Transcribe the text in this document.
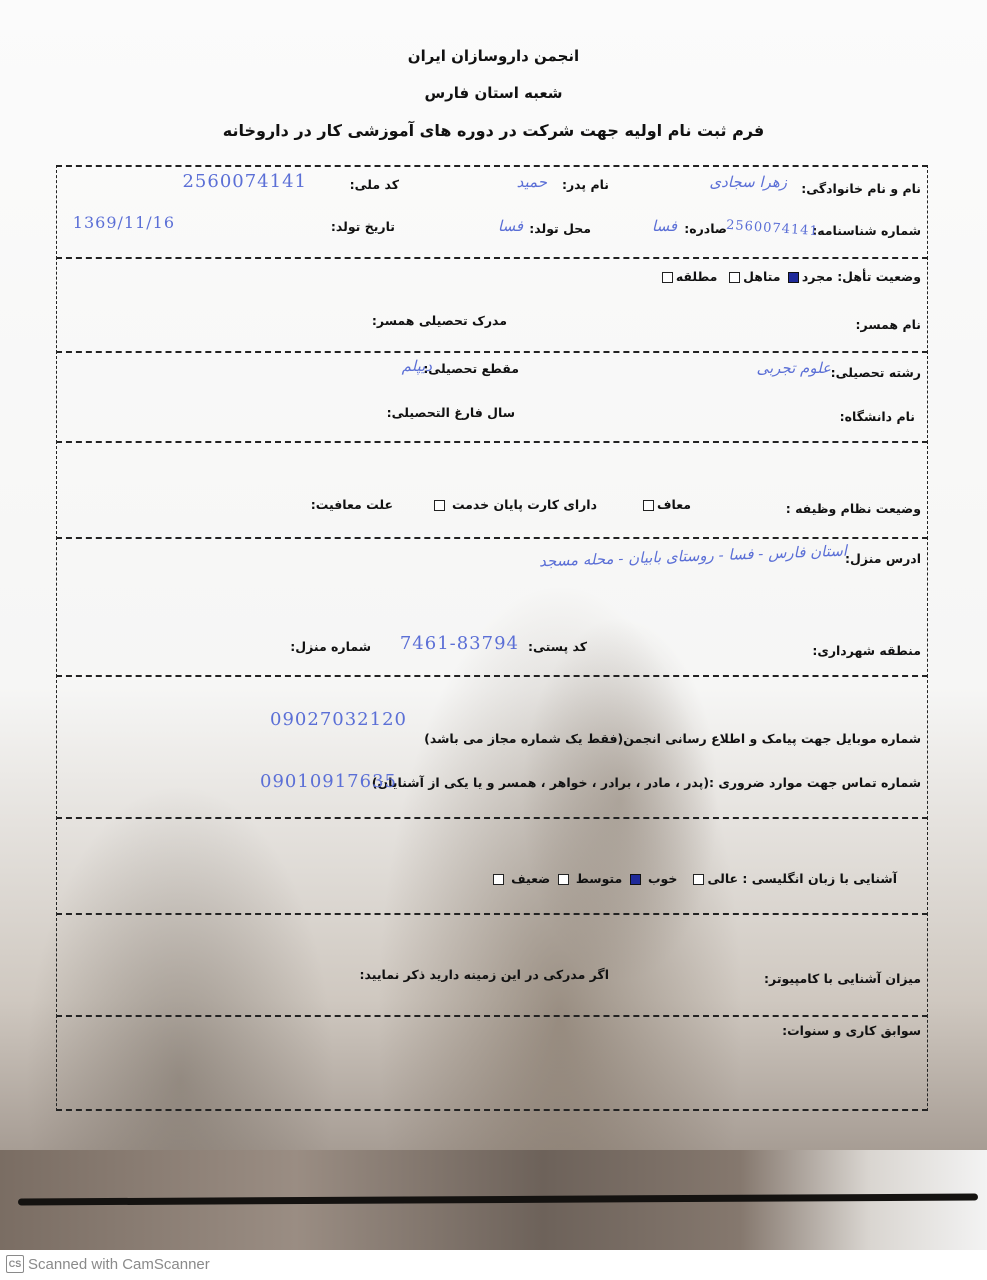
انجمن داروسازان ایران
شعبه استان فارس
فرم ثبت نام اولیه جهت شرکت در دوره های آموزشی کار در داروخانه
نام و نام خانوادگی:
زهرا سجادی
نام پدر:
حمید
کد ملی:
2560074141
شماره شناسنامه:
2560074141
صادره:
فسا
محل تولد:
فسا
تاریخ تولد:
1369/11/16
وضعیت تأهل: مجرد متاهل  مطلقه
نام همسر:
مدرک تحصیلی همسر:
رشته تحصیلی:
علوم تجربی
مقطع تحصیلی:
دیپلم
نام دانشگاه:
سال فارغ التحصیلی:
وضیعت نظام وظیفه :
معاف
دارای کارت پایان خدمت
علت معافیت:
ادرس منزل:
استان فارس - فسا - روستای بابیان - محله مسجد
منطقه شهرداری:
کد پستی:
7461-83794
شماره منزل:
شماره موبایل جهت پیامک و اطلاع رسانی انجمن(فقط یک شماره مجاز می باشد)
09027032120
شماره تماس جهت موارد ضروری :(پدر ، مادر ، برادر ، خواهر ، همسر و یا یکی از آشنایان)
09010917635
آشنایی با زبان انگلیسی : عالی   خوب  متوسط  ضعیف
میزان آشنایی با کامپیوتر:
اگر مدرکی در این زمینه دارید ذکر نمایید:
سوابق کاری و سنوات:
CS Scanned with CamScanner
